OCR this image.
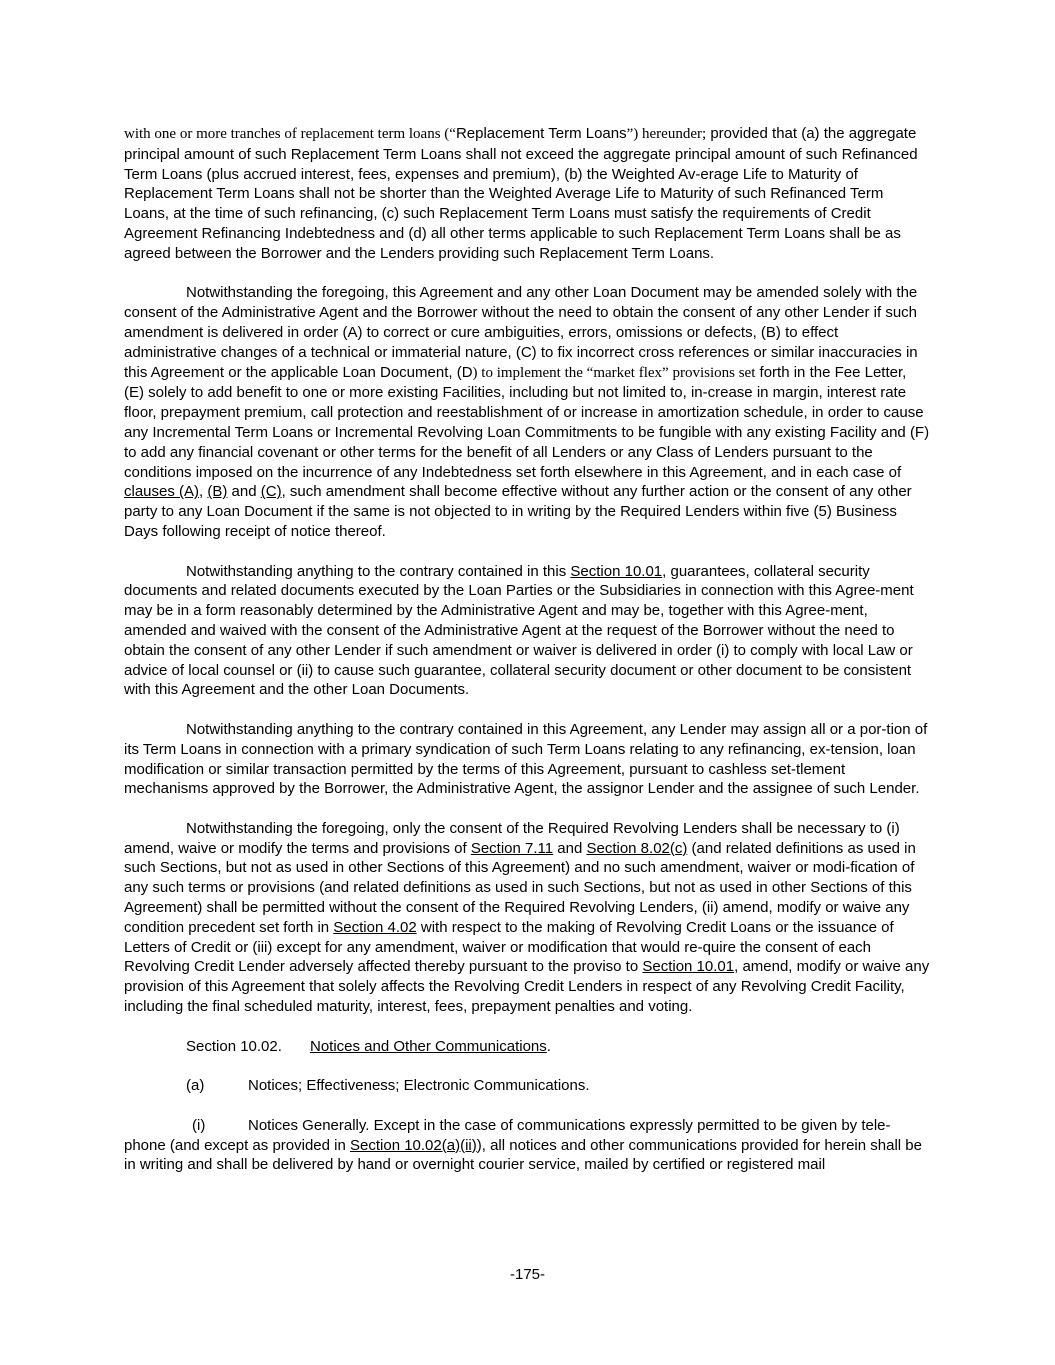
with one or more tranches of replacement term loans (“Replacement Term Loans”) hereunder; provided that (a) the aggregate principal amount of such Replacement Term Loans shall not exceed the aggregate principal amount of such Refinanced Term Loans (plus accrued interest, fees, expenses and premium), (b) the Weighted Av-erage Life to Maturity of Replacement Term Loans shall not be shorter than the Weighted Average Life to Maturity of such Refinanced Term Loans, at the time of such refinancing, (c) such Replacement Term Loans must satisfy the requirements of Credit Agreement Refinancing Indebtedness and (d) all other terms applicable to such Replacement Term Loans shall be as agreed between the Borrower and the Lenders providing such Replacement Term Loans.

Notwithstanding the foregoing, this Agreement and any other Loan Document may be amended solely with the consent of the Administrative Agent and the Borrower without the need to obtain the consent of any other Lender if such amendment is delivered in order (A) to correct or cure ambiguities, errors, omissions or defects, (B) to effect administrative changes of a technical or immaterial nature, (C) to fix incorrect cross references or similar inaccuracies in this Agreement or the applicable Loan Document, (D) to implement the “market flex” provisions set forth in the Fee Letter, (E) solely to add benefit to one or more existing Facilities, including but not limited to, in-crease in margin, interest rate floor, prepayment premium, call protection and reestablishment of or increase in amortization schedule, in order to cause any Incremental Term Loans or Incremental Revolving Loan Commitments to be fungible with any existing Facility and (F) to add any financial covenant or other terms for the benefit of all Lenders or any Class of Lenders pursuant to the conditions imposed on the incurrence of any Indebtedness set forth elsewhere in this Agreement, and in each case of clauses (A), (B) and (C), such amendment shall become effective without any further action or the consent of any other party to any Loan Document if the same is not objected to in writing by the Required Lenders within five (5) Business Days following receipt of notice thereof.

Notwithstanding anything to the contrary contained in this Section 10.01, guarantees, collateral security documents and related documents executed by the Loan Parties or the Subsidiaries in connection with this Agree-ment may be in a form reasonably determined by the Administrative Agent and may be, together with this Agree-ment, amended and waived with the consent of the Administrative Agent at the request of the Borrower without the need to obtain the consent of any other Lender if such amendment or waiver is delivered in order (i) to comply with local Law or advice of local counsel or (ii) to cause such guarantee, collateral security document or other document to be consistent with this Agreement and the other Loan Documents.

Notwithstanding anything to the contrary contained in this Agreement, any Lender may assign all or a por-tion of its Term Loans in connection with a primary syndication of such Term Loans relating to any refinancing, ex-tension, loan modification or similar transaction permitted by the terms of this Agreement, pursuant to cashless set-tlement mechanisms approved by the Borrower, the Administrative Agent, the assignor Lender and the assignee of such Lender.

Notwithstanding the foregoing, only the consent of the Required Revolving Lenders shall be necessary to (i) amend, waive or modify the terms and provisions of Section 7.11 and Section 8.02(c) (and related definitions as used in such Sections, but not as used in other Sections of this Agreement) and no such amendment, waiver or modi-fication of any such terms or provisions (and related definitions as used in such Sections, but not as used in other Sections of this Agreement) shall be permitted without the consent of the Required Revolving Lenders, (ii) amend, modify or waive any condition precedent set forth in Section 4.02 with respect to the making of Revolving Credit Loans or the issuance of Letters of Credit or (iii) except for any amendment, waiver or modification that would re-quire the consent of each Revolving Credit Lender adversely affected thereby pursuant to the proviso to Section 10.01, amend, modify or waive any provision of this Agreement that solely affects the Revolving Credit Lenders in respect of any Revolving Credit Facility, including the final scheduled maturity, interest, fees, prepayment penalties and voting.

Section 10.02. Notices and Other Communications.
(a)	Notices; Effectiveness; Electronic Communications.

(i)	Notices Generally. Except in the case of communications expressly permitted to be given by tele-phone (and except as provided in Section 10.02(a)(ii)), all notices and other communications provided for herein shall be in writing and shall be delivered by hand or overnight courier service, mailed by certified or registered mail

-175-
